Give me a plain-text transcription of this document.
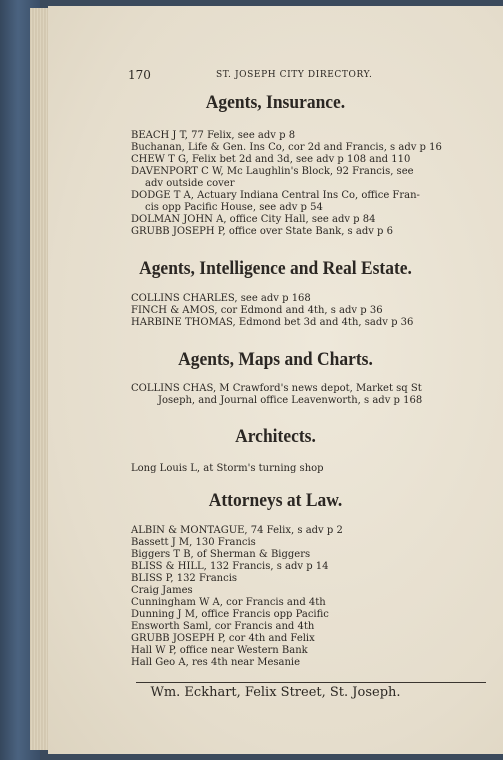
170	ST. JOSEPH CITY DIRECTORY.
Agents, Insurance.
BEACH J T, 77 Felix, see adv p 8
Buchanan, Life & Gen. Ins Co, cor 2d and Francis, s adv p 16
CHEW T G, Felix bet 2d and 3d, see adv p 108 and 110
DAVENPORT C W, Mc Laughlin's Block, 92 Francis, see
adv outside cover
DODGE T A, Actuary Indiana Central Ins Co, office Fran-
cis opp Pacific House, see adv p 54
DOLMAN JOHN A, office City Hall, see adv p 84
GRUBB JOSEPH P, office over State Bank, s adv p 6
Agents, Intelligence and Real Estate.
COLLINS CHARLES, see adv p 168
FINCH & AMOS, cor Edmond and 4th, s adv p 36
HARBINE THOMAS, Edmond bet 3d and 4th, sadv p 36
Agents, Maps and Charts.
COLLINS CHAS, M Crawford's news depot, Market sq St
Joseph, and Journal office Leavenworth, s adv p 168
Architects.
Long Louis L, at Storm's turning shop
Attorneys at Law.
ALBIN & MONTAGUE, 74 Felix, s adv p 2
Bassett J M, 130 Francis
Biggers T B, of Sherman & Biggers
BLISS & HILL, 132 Francis, s adv p 14
BLISS P, 132 Francis
Craig James
Cunningham W A, cor Francis and 4th
Dunning J M, office Francis opp Pacific
Ensworth Saml, cor Francis and 4th
GRUBB JOSEPH P, cor 4th and Felix
Hall W P, office near Western Bank
Hall Geo A, res 4th near Mesanie
Wm. Eckhart, Felix Street, St. Joseph.
